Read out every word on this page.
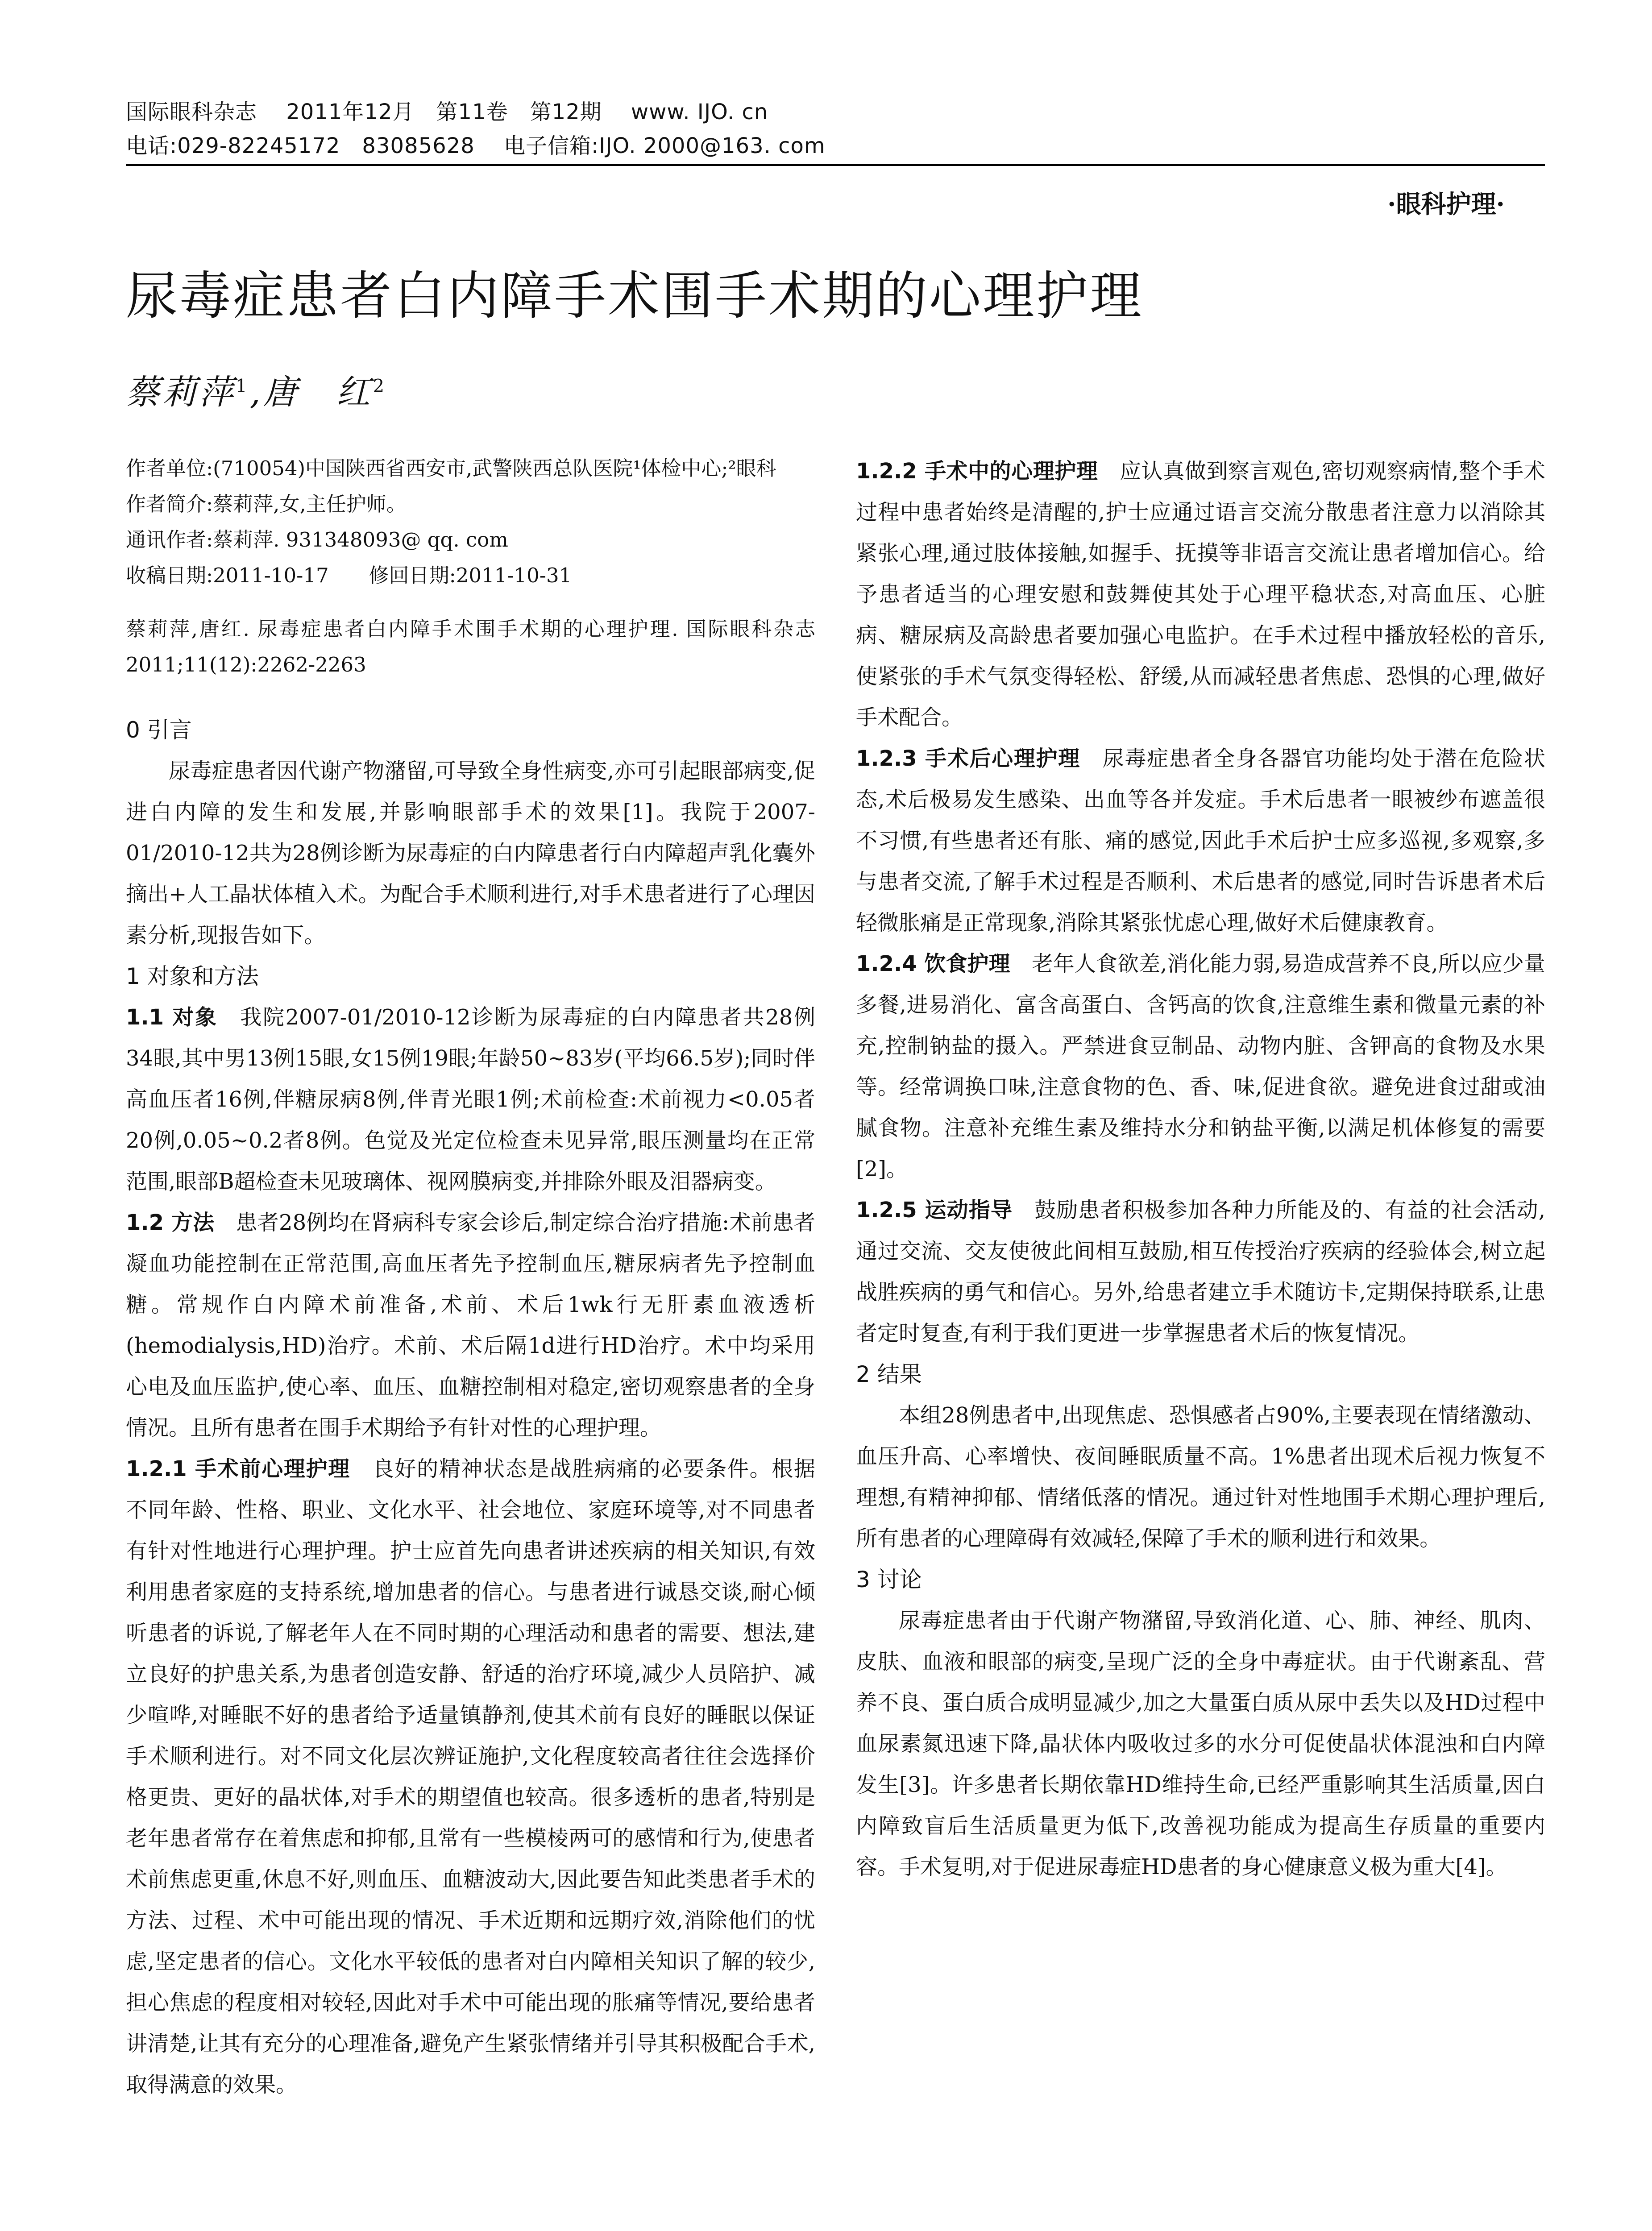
国际眼科杂志　 2011年12月　第11卷　第12期　 www. IJO. cn
电话:029-82245172　83085628　 电子信箱:IJO. 2000@163. com
·眼科护理·
尿毒症患者白内障手术围手术期的心理护理
蔡莉萍$^1$,唐　红$^2$

作者单位:(710054)中国陕西省西安市,武警陕西总队医院¹体检中心;²眼科

作者简介:蔡莉萍,女,主任护师。

通讯作者:蔡莉萍. 931348093@ qq. com

收稿日期:2011-10-17　　修回日期:2011-10-31

蔡莉萍,唐红. 尿毒症患者白内障手术围手术期的心理护理. 国际眼科杂志 2011;11(12):2262-2263

0 引言

尿毒症患者因代谢产物潴留,可导致全身性病变,亦可引起眼部病变,促进白内障的发生和发展,并影响眼部手术的效果[1]。我院于2007-01/2010-12共为28例诊断为尿毒症的白内障患者行白内障超声乳化囊外摘出+人工晶状体植入术。为配合手术顺利进行,对手术患者进行了心理因素分析,现报告如下。

1 对象和方法

1.1 对象　 我院2007-01/2010-12诊断为尿毒症的白内障患者共28例34眼,其中男13例15眼,女15例19眼;年龄50~83岁(平均66.5岁);同时伴高血压者16例,伴糖尿病8例,伴青光眼1例;术前检查:术前视力<0.05者20例,0.05~0.2者8例。色觉及光定位检查未见异常,眼压测量均在正常范围,眼部B超检查未见玻璃体、视网膜病变,并排除外眼及泪器病变。

1.2 方法　 患者28例均在肾病科专家会诊后,制定综合治疗措施:术前患者凝血功能控制在正常范围,高血压者先予控制血压,糖尿病者先予控制血糖。常规作白内障术前准备,术前、术后1wk行无肝素血液透析(hemodialysis,HD)治疗。术前、术后隔1d进行HD治疗。术中均采用心电及血压监护,使心率、血压、血糖控制相对稳定,密切观察患者的全身情况。且所有患者在围手术期给予有针对性的心理护理。

1.2.1 手术前心理护理　 良好的精神状态是战胜病痛的必要条件。根据不同年龄、性格、职业、文化水平、社会地位、家庭环境等,对不同患者有针对性地进行心理护理。护士应首先向患者讲述疾病的相关知识,有效利用患者家庭的支持系统,增加患者的信心。与患者进行诚恳交谈,耐心倾听患者的诉说,了解老年人在不同时期的心理活动和患者的需要、想法,建立良好的护患关系,为患者创造安静、舒适的治疗环境,减少人员陪护、减少喧哗,对睡眠不好的患者给予适量镇静剂,使其术前有良好的睡眠以保证手术顺利进行。对不同文化层次辨证施护,文化程度较高者往往会选择价格更贵、更好的晶状体,对手术的期望值也较高。很多透析的患者,特别是老年患者常存在着焦虑和抑郁,且常有一些模棱两可的感情和行为,使患者术前焦虑更重,休息不好,则血压、血糖波动大,因此要告知此类患者手术的方法、过程、术中可能出现的情况、手术近期和远期疗效,消除他们的忧虑,坚定患者的信心。文化水平较低的患者对白内障相关知识了解的较少,担心焦虑的程度相对较轻,因此对手术中可能出现的胀痛等情况,要给患者讲清楚,让其有充分的心理准备,避免产生紧张情绪并引导其积极配合手术,取得满意的效果。

1.2.2 手术中的心理护理　 应认真做到察言观色,密切观察病情,整个手术过程中患者始终是清醒的,护士应通过语言交流分散患者注意力以消除其紧张心理,通过肢体接触,如握手、抚摸等非语言交流让患者增加信心。给予患者适当的心理安慰和鼓舞使其处于心理平稳状态,对高血压、心脏病、糖尿病及高龄患者要加强心电监护。在手术过程中播放轻松的音乐,使紧张的手术气氛变得轻松、舒缓,从而减轻患者焦虑、恐惧的心理,做好手术配合。

1.2.3 手术后心理护理　 尿毒症患者全身各器官功能均处于潜在危险状态,术后极易发生感染、出血等各并发症。手术后患者一眼被纱布遮盖很不习惯,有些患者还有胀、痛的感觉,因此手术后护士应多巡视,多观察,多与患者交流,了解手术过程是否顺利、术后患者的感觉,同时告诉患者术后轻微胀痛是正常现象,消除其紧张忧虑心理,做好术后健康教育。

1.2.4 饮食护理　 老年人食欲差,消化能力弱,易造成营养不良,所以应少量多餐,进易消化、富含高蛋白、含钙高的饮食,注意维生素和微量元素的补充,控制钠盐的摄入。严禁进食豆制品、动物内脏、含钾高的食物及水果等。经常调换口味,注意食物的色、香、味,促进食欲。避免进食过甜或油腻食物。注意补充维生素及维持水分和钠盐平衡,以满足机体修复的需要[2]。

1.2.5 运动指导　 鼓励患者积极参加各种力所能及的、有益的社会活动,通过交流、交友使彼此间相互鼓励,相互传授治疗疾病的经验体会,树立起战胜疾病的勇气和信心。另外,给患者建立手术随访卡,定期保持联系,让患者定时复查,有利于我们更进一步掌握患者术后的恢复情况。

2 结果

本组28例患者中,出现焦虑、恐惧感者占90%,主要表现在情绪激动、血压升高、心率增快、夜间睡眠质量不高。1%患者出现术后视力恢复不理想,有精神抑郁、情绪低落的情况。通过针对性地围手术期心理护理后,所有患者的心理障碍有效减轻,保障了手术的顺利进行和效果。

3 讨论

尿毒症患者由于代谢产物潴留,导致消化道、心、肺、神经、肌肉、皮肤、血液和眼部的病变,呈现广泛的全身中毒症状。由于代谢紊乱、营养不良、蛋白质合成明显减少,加之大量蛋白质从尿中丢失以及HD过程中血尿素氮迅速下降,晶状体内吸收过多的水分可促使晶状体混浊和白内障发生[3]。许多患者长期依靠HD维持生命,已经严重影响其生活质量,因白内障致盲后生活质量更为低下,改善视功能成为提高生存质量的重要内容。手术复明,对于促进尿毒症HD患者的身心健康意义极为重大[4]。
